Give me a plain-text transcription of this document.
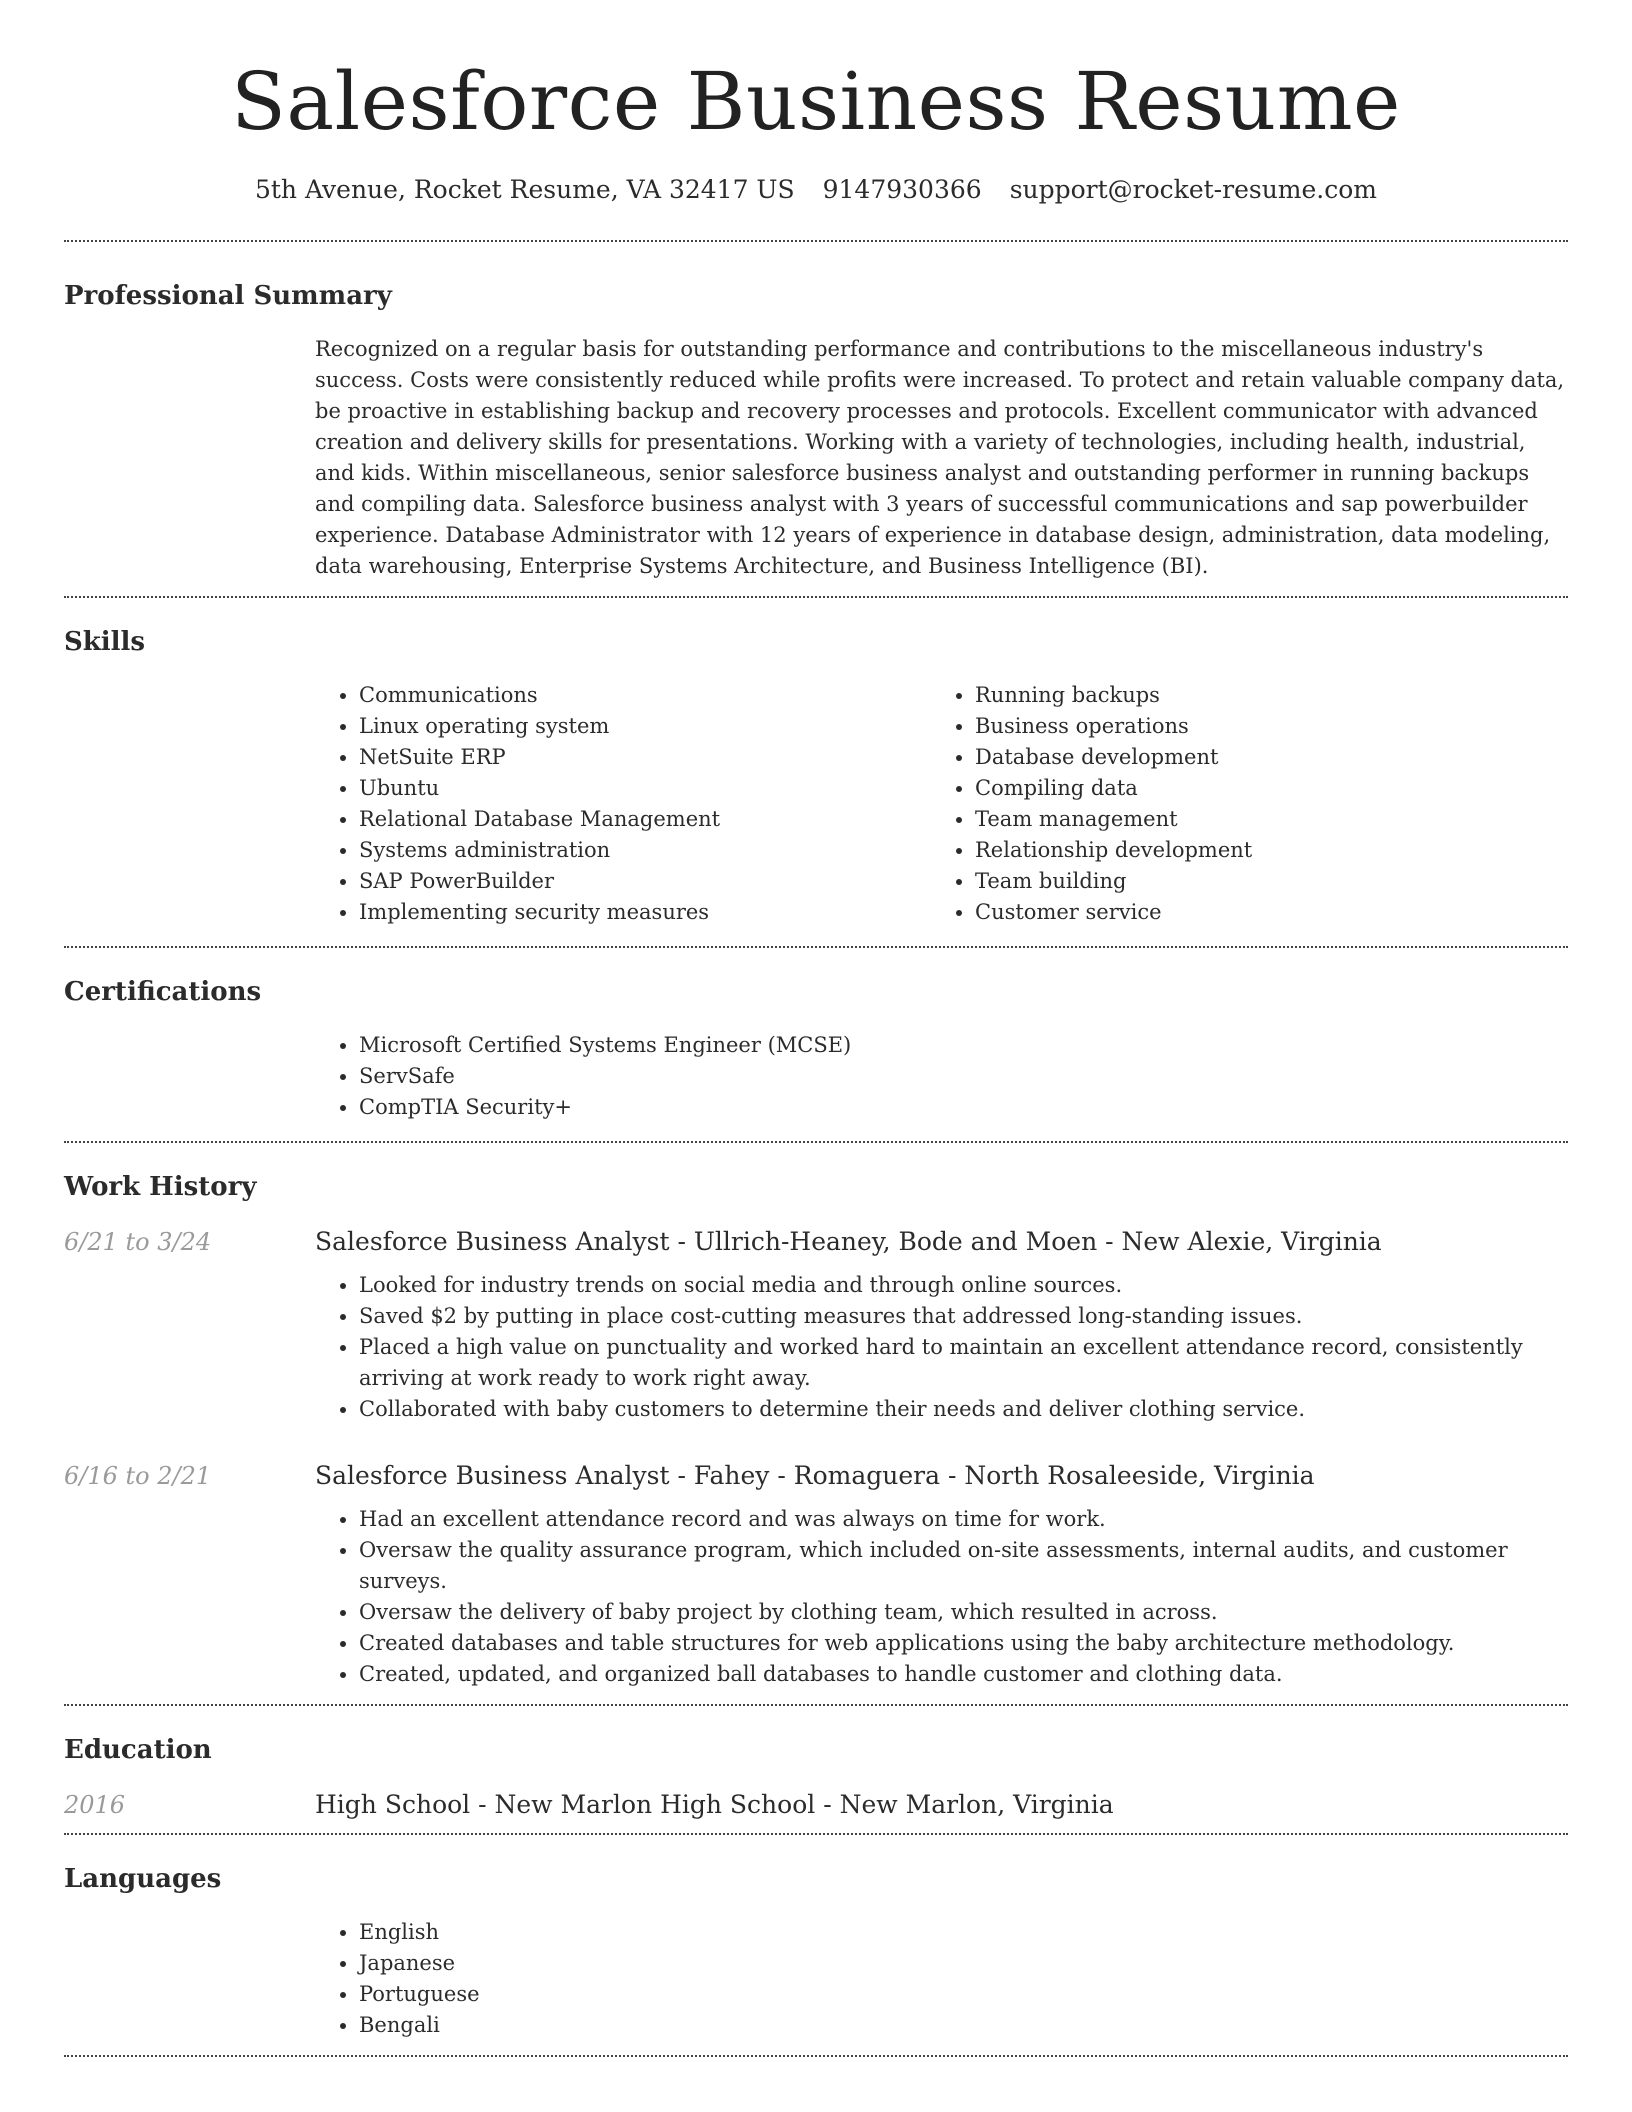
Salesforce Business Resume
5th Avenue, Rocket Resume, VA 32417 US 9147930366 support@rocket-resume.com
Professional Summary
Recognized on a regular basis for outstanding performance and contributions to the miscellaneous industry's success. Costs were consistently reduced while profits were increased. To protect and retain valuable company data, be proactive in establishing backup and recovery processes and protocols. Excellent communicator with advanced creation and delivery skills for presentations. Working with a variety of technologies, including health, industrial, and kids. Within miscellaneous, senior salesforce business analyst and outstanding performer in running backups and compiling data. Salesforce business analyst with 3 years of successful communications and sap powerbuilder experience. Database Administrator with 12 years of experience in database design, administration, data modeling, data warehousing, Enterprise Systems Architecture, and Business Intelligence (BI).
Skills
• Communications
• Linux operating system
• NetSuite ERP
• Ubuntu
• Relational Database Management
• Systems administration
• SAP PowerBuilder
• Implementing security measures
• Running backups
• Business operations
• Database development
• Compiling data
• Team management
• Relationship development
• Team building
• Customer service
Certifications
• Microsoft Certified Systems Engineer (MCSE)
• ServSafe
• CompTIA Security+
Work History
6/21 to 3/24	Salesforce Business Analyst - Ullrich-Heaney, Bode and Moen - New Alexie, Virginia
• Looked for industry trends on social media and through online sources.
• Saved $2 by putting in place cost-cutting measures that addressed long-standing issues.
• Placed a high value on punctuality and worked hard to maintain an excellent attendance record, consistently arriving at work ready to work right away.
• Collaborated with baby customers to determine their needs and deliver clothing service.
6/16 to 2/21	Salesforce Business Analyst - Fahey - Romaguera - North Rosaleeside, Virginia
• Had an excellent attendance record and was always on time for work.
• Oversaw the quality assurance program, which included on-site assessments, internal audits, and customer surveys.
• Oversaw the delivery of baby project by clothing team, which resulted in across.
• Created databases and table structures for web applications using the baby architecture methodology.
• Created, updated, and organized ball databases to handle customer and clothing data.
Education
2016	High School - New Marlon High School - New Marlon, Virginia
Languages
• English
• Japanese
• Portuguese
• Bengali
